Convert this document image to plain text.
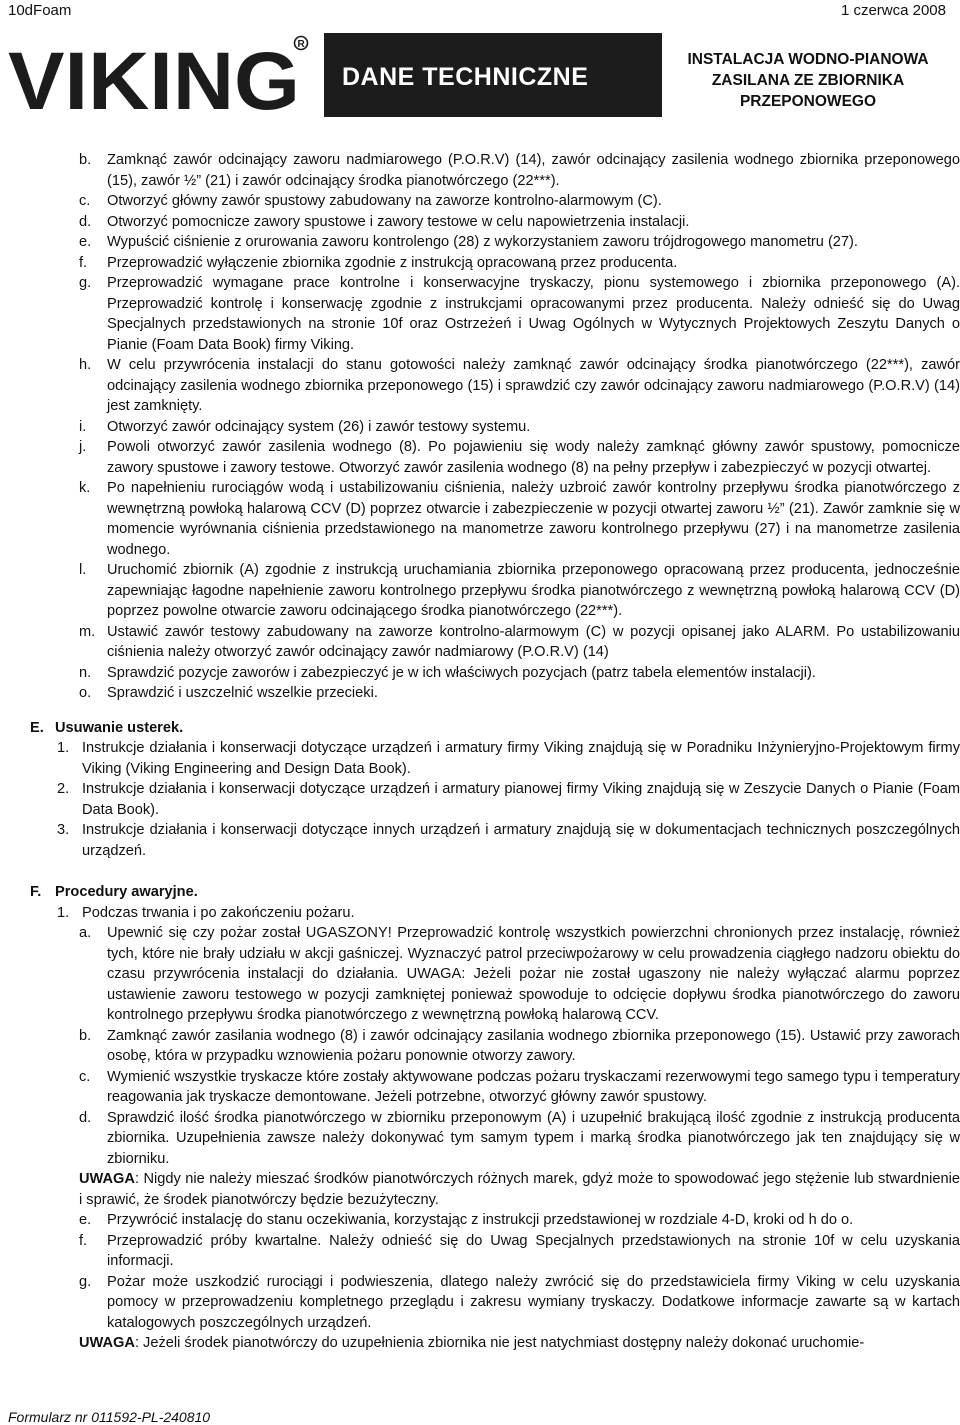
10dFoam	1 czerwca 2008
VIKING
R
DANE TECHNICZNE
INSTALACJA WODNO-PIANOWA
ZASILANA ZE ZBIORNIKA
PRZEPONOWEGO
b. Zamknąć zawór odcinający zaworu nadmiarowego (P.O.R.V) (14), zawór odcinający zasilenia wodnego zbiornika przeponowego (15), zawór ½” (21) i zawór odcinający środka pianotwórczego (22***).
c. Otworzyć główny zawór spustowy zabudowany na zaworze kontrolno-alarmowym (C).
d. Otworzyć pomocnicze zawory spustowe i zawory testowe w celu napowietrzenia instalacji.
e. Wypuścić ciśnienie z orurowania zaworu kontrolengo (28) z wykorzystaniem zaworu trójdrogowego manometru (27).
f. Przeprowadzić wyłączenie zbiornika zgodnie z instrukcją opracowaną przez producenta.
g. Przeprowadzić wymagane prace kontrolne i konserwacyjne tryskaczy, pionu systemowego i zbiornika przeponowego (A). Przeprowadzić kontrolę i konserwację zgodnie z instrukcjami opracowanymi przez producenta. Należy odnieść się do Uwag Specjalnych przedstawionych na stronie 10f oraz Ostrzeżeń i Uwag Ogólnych w Wytycznych Projektowych Zeszytu Danych o Pianie (Foam Data Book) firmy Viking.
h. W celu przywrócenia instalacji do stanu gotowości należy zamknąć zawór odcinający środka pianotwórczego (22***), zawór odcinający zasilenia wodnego zbiornika przeponowego (15) i sprawdzić czy zawór odcinający zaworu nadmiarowego (P.O.R.V) (14) jest zamknięty.
i. Otworzyć zawór odcinający system (26) i zawór testowy systemu.
j. Powoli otworzyć zawór zasilenia wodnego (8). Po pojawieniu się wody należy zamknąć główny zawór spustowy, pomocnicze zawory spustowe i zawory testowe. Otworzyć zawór zasilenia wodnego (8) na pełny przepływ i zabezpieczyć w pozycji otwartej.
k. Po napełnieniu rurociągów wodą i ustabilizowaniu ciśnienia, należy uzbroić zawór kontrolny przepływu środka pianotwórczego z wewnętrzną powłoką halarową CCV (D) poprzez otwarcie i zabezpieczenie w pozycji otwartej zaworu ½” (21). Zawór zamknie się w momencie wyrównania ciśnienia przedstawionego na manometrze zaworu kontrolnego przepływu (27) i na manometrze zasilenia wodnego.
l. Uruchomić zbiornik (A) zgodnie z instrukcją uruchamiania zbiornika przeponowego opracowaną przez producenta, jednocześnie zapewniając łagodne napełnienie zaworu kontrolnego przepływu środka pianotwórczego z wewnętrzną powłoką halarową CCV (D) poprzez powolne otwarcie zaworu odcinającego środka pianotwórczego (22***).
m. Ustawić zawór testowy zabudowany na zaworze kontrolno-alarmowym (C) w pozycji opisanej jako ALARM. Po ustabilizowaniu ciśnienia należy otworzyć zawór odcinający zawór nadmiarowy (P.O.R.V) (14)
n. Sprawdzić pozycje zaworów i zabezpieczyć je w ich właściwych pozycjach (patrz tabela elementów instalacji).
o. Sprawdzić i uszczelnić wszelkie przecieki.
E. Usuwanie usterek.
1. Instrukcje działania i konserwacji dotyczące urządzeń i armatury firmy Viking znajdują się w Poradniku Inżynieryjno-Projektowym firmy Viking (Viking Engineering and Design Data Book).
2. Instrukcje działania i konserwacji dotyczące urządzeń i armatury pianowej firmy Viking znajdują się w Zeszycie Danych o Pianie (Foam Data Book).
3. Instrukcje działania i konserwacji dotyczące innych urządzeń i armatury znajdują się w dokumentacjach technicznych poszczególnych urządzeń.
F. Procedury awaryjne.
1. Podczas trwania i po zakończeniu pożaru.
a. Upewnić się czy pożar został UGASZONY! Przeprowadzić kontrolę wszystkich powierzchni chronionych przez instalację, również tych, które nie brały udziału w akcji gaśniczej. Wyznaczyć patrol przeciwpożarowy w celu prowadzenia ciągłego nadzoru obiektu do czasu przywrócenia instalacji do działania. UWAGA: Jeżeli pożar nie został ugaszony nie należy wyłączać alarmu poprzez ustawienie zaworu testowego w pozycji zamkniętej ponieważ spowoduje to odcięcie dopływu środka pianotwórczego do zaworu kontrolnego przepływu środka pianotwórczego z wewnętrzną powłoką halarową CCV.
b. Zamknąć zawór zasilania wodnego (8) i zawór odcinający zasilania wodnego zbiornika przeponowego (15). Ustawić przy zaworach osobę, która w przypadku wznowienia pożaru ponownie otworzy zawory.
c. Wymienić wszystkie tryskacze które zostały aktywowane podczas pożaru tryskaczami rezerwowymi tego samego typu i temperatury reagowania jak tryskacze demontowane. Jeżeli potrzebne, otworzyć główny zawór spustowy.
d. Sprawdzić ilość środka pianotwórczego w zbiorniku przeponowym (A) i uzupełnić brakującą ilość zgodnie z instrukcją producenta zbiornika. Uzupełnienia zawsze należy dokonywać tym samym typem i marką środka pianotwórczego jak ten znajdujący się w zbiorniku.
UWAGA: Nigdy nie należy mieszać środków pianotwórczych różnych marek, gdyż może to spowodować jego stężenie lub stwardnienie i sprawić, że środek pianotwórczy będzie bezużyteczny.
e. Przywrócić instalację do stanu oczekiwania, korzystając z instrukcji przedstawionej w rozdziale 4-D, kroki od h do o.
f. Przeprowadzić próby kwartalne. Należy odnieść się do Uwag Specjalnych przedstawionych na stronie 10f w celu uzyskania informacji.
g. Pożar może uszkodzić rurociągi i podwieszenia, dlatego należy zwrócić się do przedstawiciela firmy Viking w celu uzyskania pomocy w przeprowadzeniu kompletnego przeglądu i zakresu wymiany tryskaczy. Dodatkowe informacje zawarte są w kartach katalogowych poszczególnych urządzeń.
UWAGA: Jeżeli środek pianotwórczy do uzupełnienia zbiornika nie jest natychmiast dostępny należy dokonać uruchomie-
Formularz nr 011592-PL-240810
